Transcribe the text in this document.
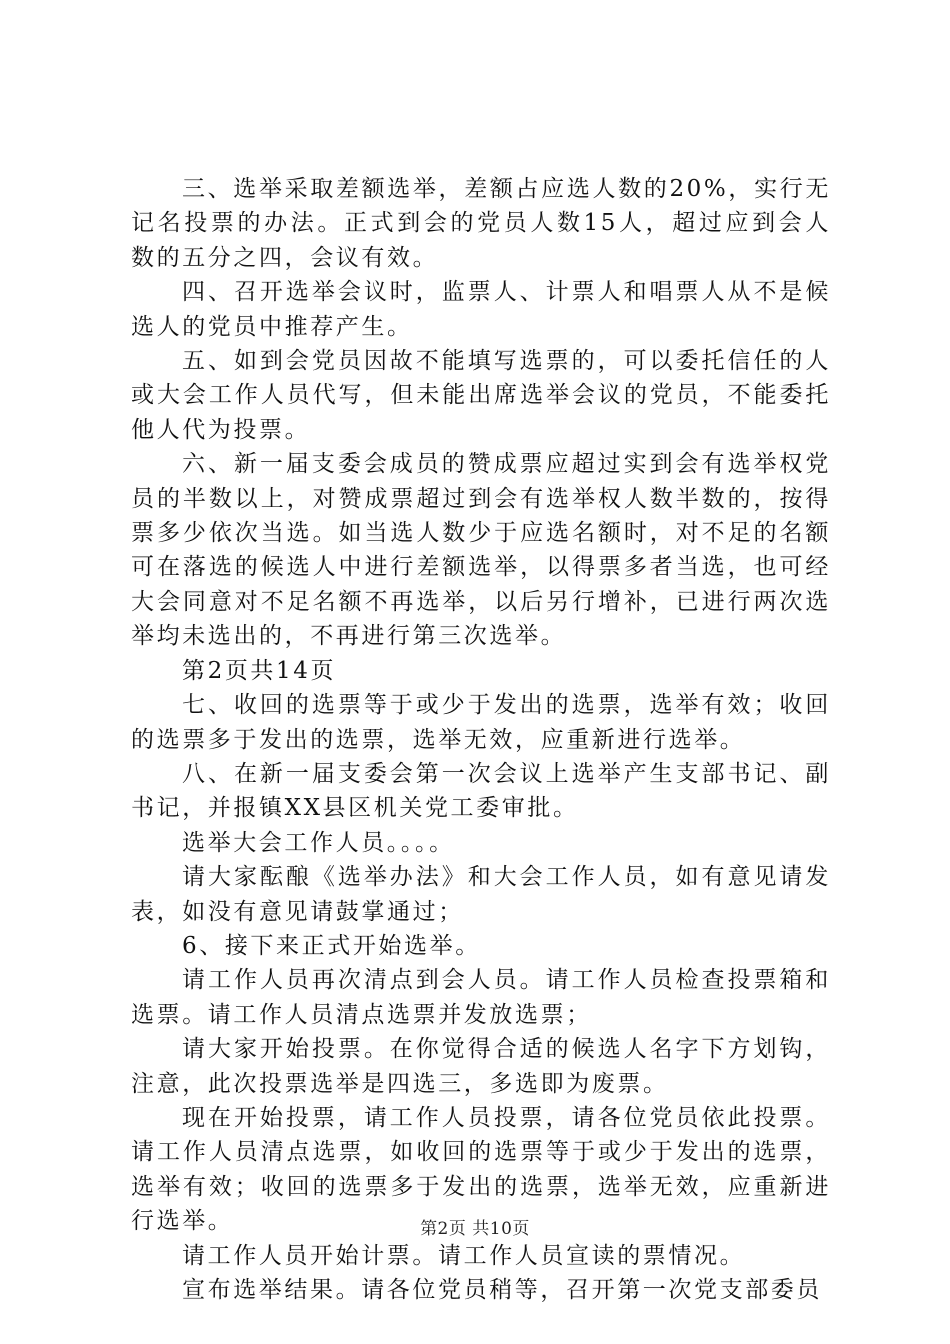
三、选举采取差额选举，差额占应选人数的20%，实行无记名投票的办法。正式到会的党员人数15人，超过应到会人数的五分之四，会议有效。

四、召开选举会议时，监票人、计票人和唱票人从不是候选人的党员中推荐产生。

五、如到会党员因故不能填写选票的，可以委托信任的人或大会工作人员代写，但未能出席选举会议的党员，不能委托他人代为投票。

六、新一届支委会成员的赞成票应超过实到会有选举权党员的半数以上，对赞成票超过到会有选举权人数半数的，按得票多少依次当选。如当选人数少于应选名额时，对不足的名额可在落选的候选人中进行差额选举，以得票多者当选，也可经大会同意对不足名额不再选举，以后另行增补，已进行两次选举均未选出的，不再进行第三次选举。

第2页共14页

七、收回的选票等于或少于发出的选票，选举有效；收回的选票多于发出的选票，选举无效，应重新进行选举。

八、在新一届支委会第一次会议上选举产生支部书记、副书记，并报镇XX县区机关党工委审批。

选举大会工作人员。。。。

请大家酝酿《选举办法》和大会工作人员，如有意见请发表，如没有意见请鼓掌通过；

6、接下来正式开始选举。

请工作人员再次清点到会人员。请工作人员检查投票箱和选票。请工作人员清点选票并发放选票；

请大家开始投票。在你觉得合适的候选人名字下方划钩，注意，此次投票选举是四选三，多选即为废票。

现在开始投票，请工作人员投票，请各位党员依此投票。请工作人员清点选票，如收回的选票等于或少于发出的选票，选举有效；收回的选票多于发出的选票，选举无效，应重新进行选举。

请工作人员开始计票。请工作人员宣读的票情况。

宣布选举结果。请各位党员稍等，召开第一次党支部委员

第2页 共10页
